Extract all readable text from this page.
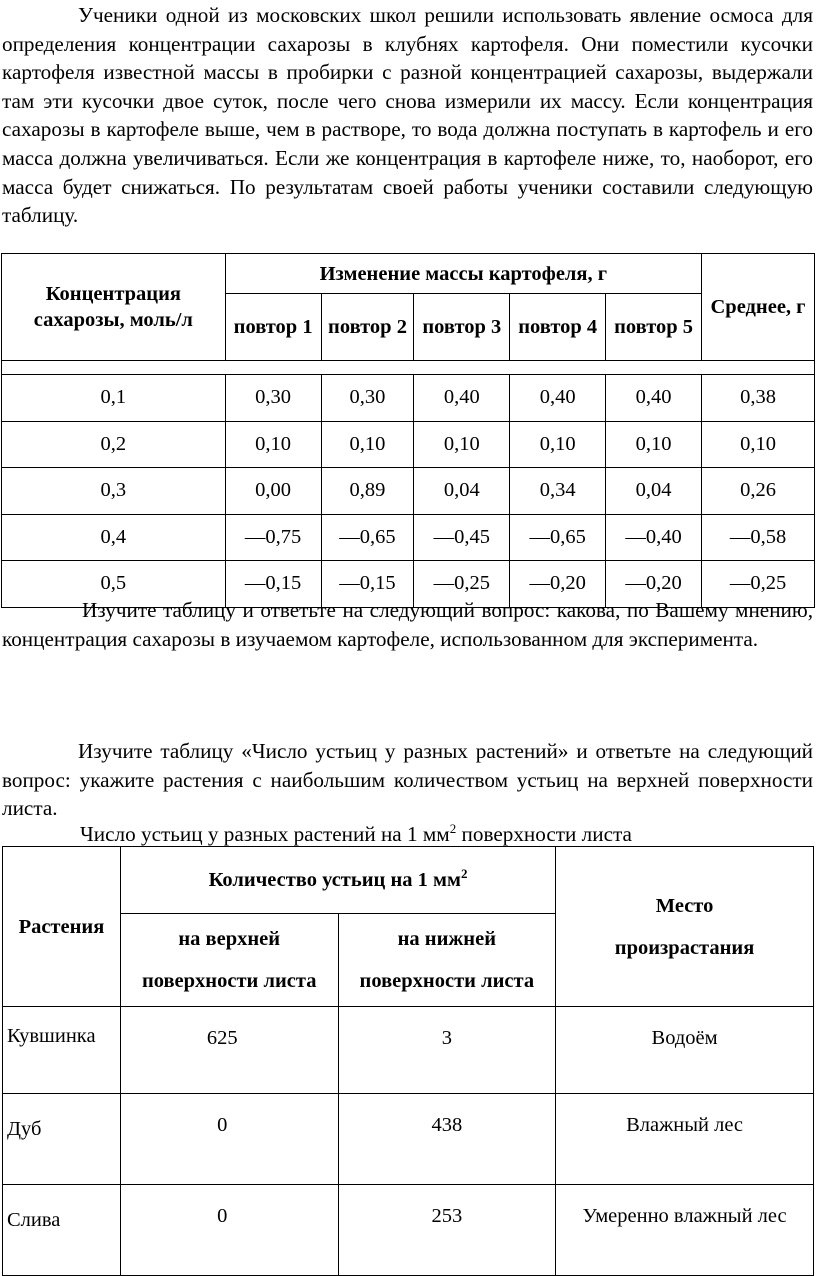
Ученики одной из московских школ решили использовать явление осмоса для определения концентрации сахарозы в клубнях картофеля. Они поместили кусочки картофеля известной массы в пробирки с разной концентрацией сахарозы, выдержали там эти кусочки двое суток, после чего снова измерили их массу. Если концентрация сахарозы в картофеле выше, чем в растворе, то вода должна поступать в картофель и его масса должна увеличиваться. Если же концентрация в картофеле ниже, то, наоборот, его масса будет снижаться. По результатам своей работы ученики составили следующую таблицу.
Концентрация сахарозы, моль/л	Изменение массы картофеля, г					Среднее, г
	повтор 1	повтор 2	повтор 3	повтор 4	повтор 5	

0,1	0,30	0,30	0,40	0,40	0,40	0,38
0,2	0,10	0,10	0,10	0,10	0,10	0,10
0,3	0,00	0,89	0,04	0,34	0,04	0,26
0,4	—0,75	—0,65	—0,45	—0,65	—0,40	—0,58
0,5	—0,15	—0,15	—0,25	—0,20	—0,20	—0,25
Изучите таблицу и ответьте на следующий вопрос: какова, по Вашему мнению, концентрация сахарозы в изучаемом картофеле, использованном для эксперимента.
Изучите таблицу «Число устьиц у разных растений» и ответьте на следующий вопрос: укажите растения с наибольшим количеством устьиц на верхней поверхности листа.
Число устьиц у разных растений на 1 $мм^2$ поверхности листа
Растения	Количество устьиц на 1 $мм^2$		Место произрастания
	на верхней поверхности листа	на нижней поверхности листа	
Кувшинка	625	3	Водоём
Дуб	0	438	Влажный лес
Слива	0	253	Умеренно влажный лес
